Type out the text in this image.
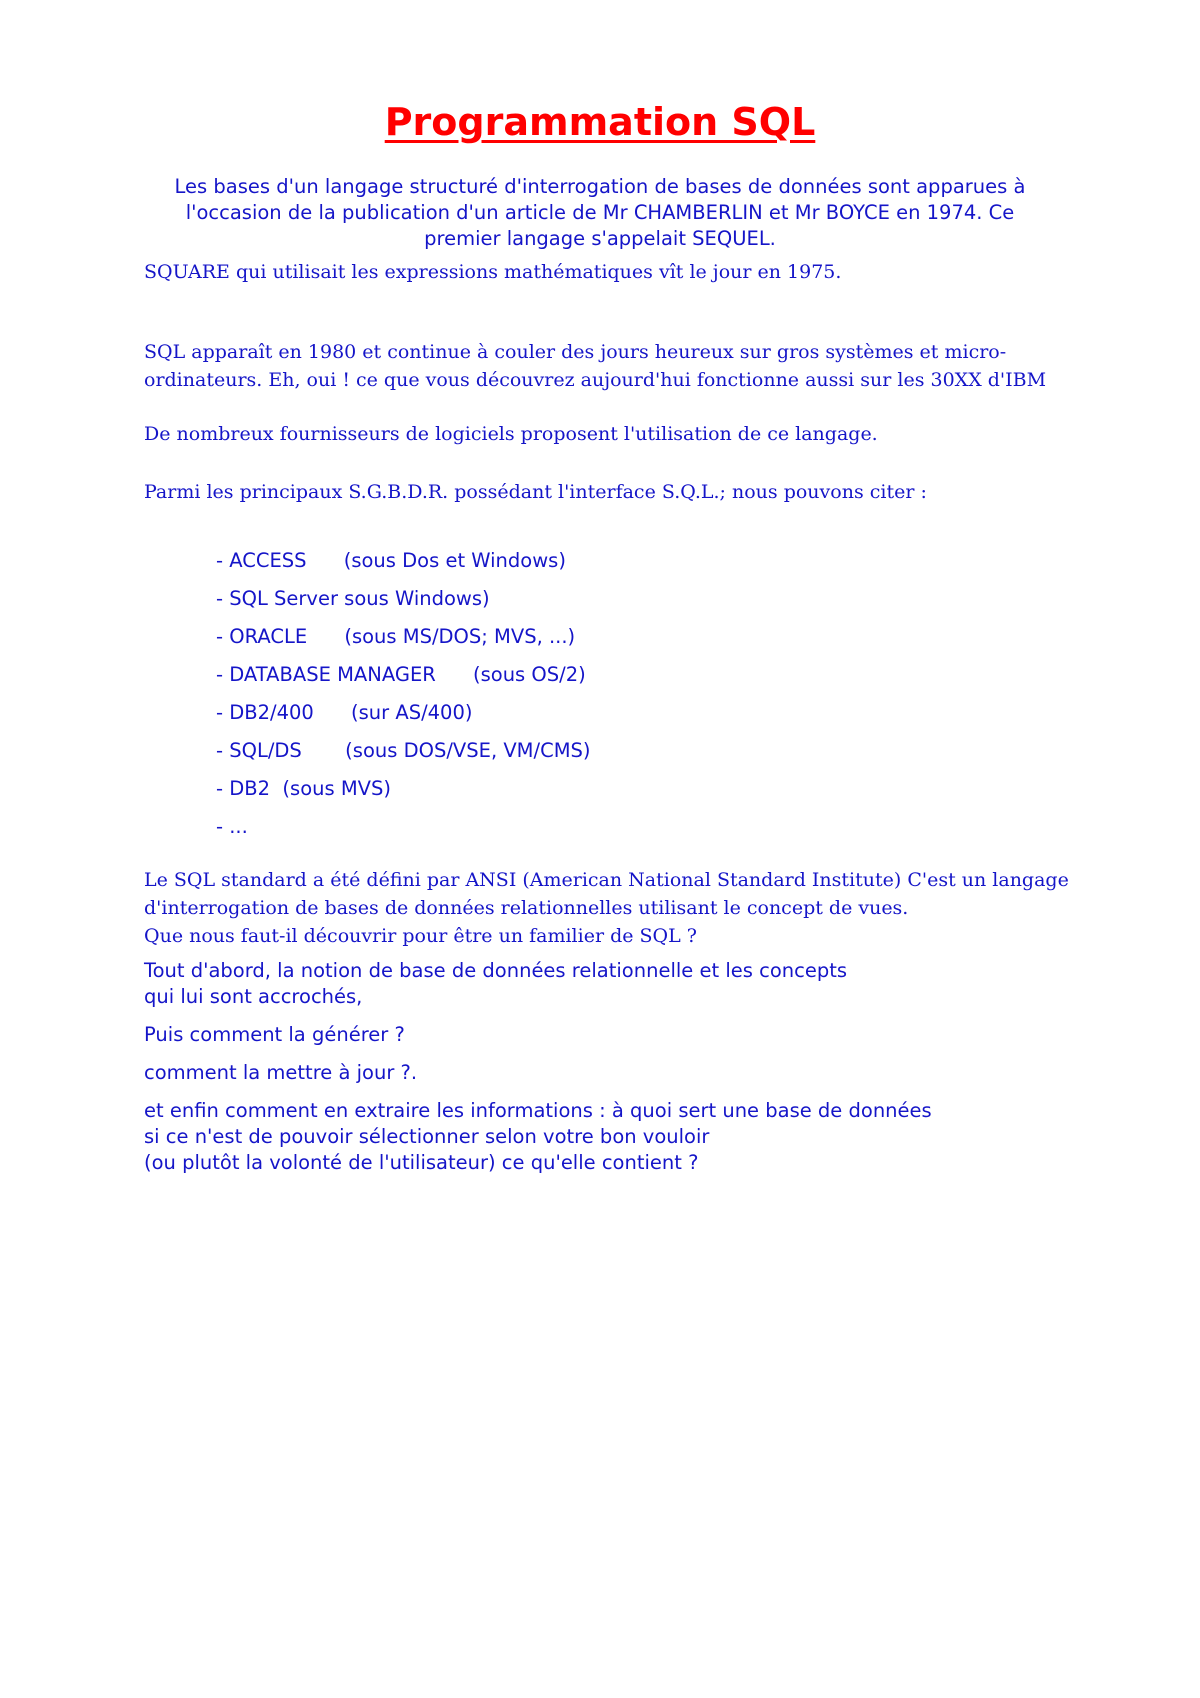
Programmation SQL

Les bases d'un langage structuré d'interrogation de bases de données sont apparues à l'occasion de la publication d'un article de Mr CHAMBERLIN et Mr BOYCE en 1974. Ce premier langage s'appelait SEQUEL.

SQUARE qui utilisait les expressions mathématiques vît le jour en 1975.

SQL apparaît en 1980 et continue à couler des jours heureux sur gros systèmes et micro-
ordinateurs. Eh, oui ! ce que vous découvrez aujourd'hui fonctionne aussi sur les 30XX d'IBM

De nombreux fournisseurs de logiciels proposent l'utilisation de ce langage.

Parmi les principaux S.G.B.D.R. possédant l'interface S.Q.L.; nous pouvons citer :

- ACCESS      (sous Dos et Windows)
- SQL Server sous Windows)
- ORACLE      (sous MS/DOS; MVS, ...)
- DATABASE MANAGER      (sous OS/2)
- DB2/400      (sur AS/400)
- SQL/DS       (sous DOS/VSE, VM/CMS)
- DB2  (sous MVS)
- ...

Le SQL standard a été défini par ANSI (American National Standard Institute) C'est un langage
d'interrogation de bases de données relationnelles utilisant le concept de vues.
Que nous faut-il découvrir pour être un familier de SQL ?

Tout d'abord, la notion de base de données relationnelle et les concepts
qui lui sont accrochés,

Puis comment la générer ?

comment la mettre à jour ?.

et enfin comment en extraire les informations : à quoi sert une base de données
si ce n'est de pouvoir sélectionner selon votre bon vouloir
(ou plutôt la volonté de l'utilisateur) ce qu'elle contient ?
